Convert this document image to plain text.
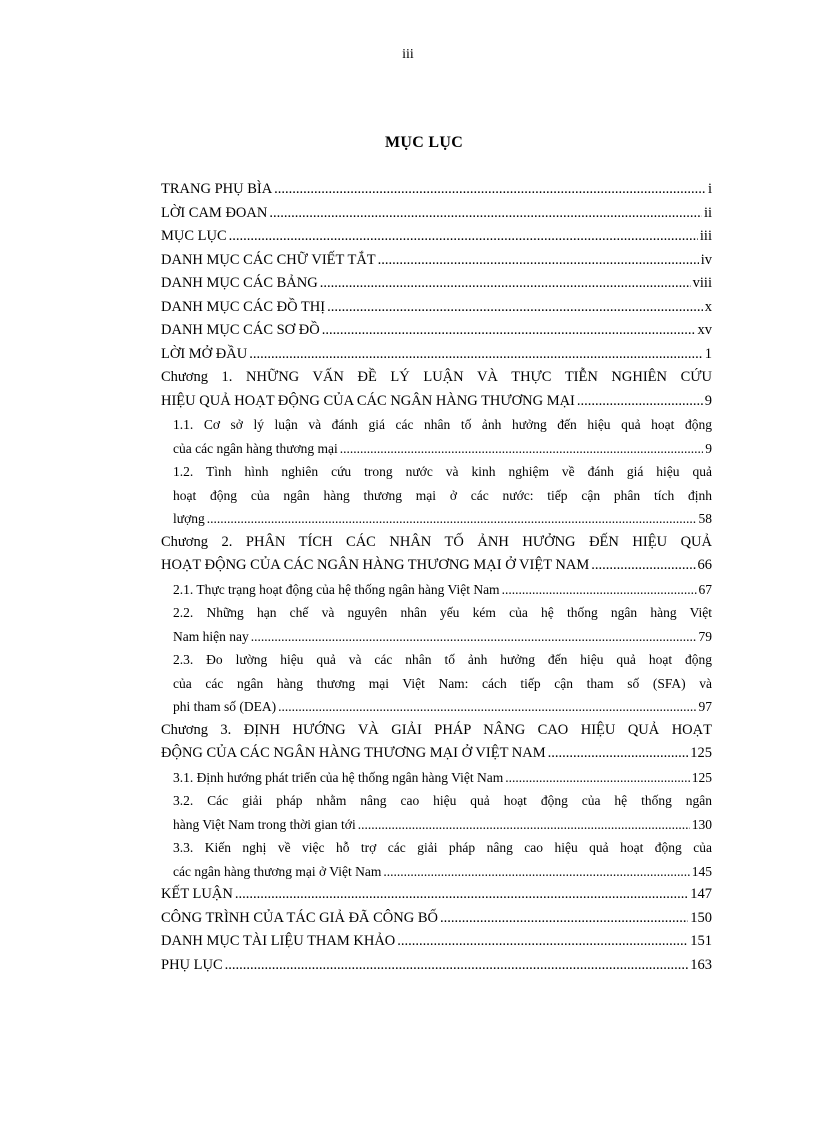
iii
MỤC LỤC
TRANG PHỤ BÌA .....	i
LỜI CAM ĐOAN .....	ii
MỤC LỤC .....	iii
DANH MỤC CÁC CHỮ VIẾT TẮT .....	iv
DANH MỤC CÁC BẢNG .....	viii
DANH MỤC CÁC ĐỒ THỊ .....	x
DANH MỤC CÁC SƠ ĐỒ .....	xv
LỜI MỞ ĐẦU .....	1
Chương 1. NHỮNG VẤN ĐỀ LÝ LUẬN VÀ THỰC TIỄN NGHIÊN CỨU
HIỆU QUẢ HOẠT ĐỘNG CỦA CÁC NGÂN HÀNG THƯƠNG MẠI .....	9
1.1. Cơ sở lý luận và đánh giá các nhân tố ảnh hưởng đến hiệu quả hoạt động
của các ngân hàng thương mại .....	9
1.2. Tình hình nghiên cứu trong nước và kinh nghiệm về đánh giá hiệu quả
hoạt động của ngân hàng thương mại ở các nước: tiếp cận phân tích định
lượng .....	58
Chương 2. PHÂN TÍCH CÁC NHÂN TỐ ẢNH HƯỞNG ĐẾN HIỆU QUẢ
HOẠT ĐỘNG CỦA CÁC NGÂN HÀNG THƯƠNG MẠI Ở VIỆT NAM .....	66
2.1. Thực trạng hoạt động của hệ thống ngân hàng Việt Nam .....	67
2.2. Những hạn chế và nguyên nhân yếu kém của hệ thống ngân hàng Việt
Nam hiện nay .....	79
2.3. Đo lường hiệu quả và các nhân tố ảnh hưởng đến hiệu quả hoạt động
của các ngân hàng thương mại Việt Nam: cách tiếp cận tham số (SFA) và
phi tham số (DEA) .....	97
Chương 3. ĐỊNH HƯỚNG VÀ GIẢI PHÁP NÂNG CAO HIỆU QUẢ HOẠT
ĐỘNG CỦA CÁC NGÂN HÀNG THƯƠNG MẠI Ở VIỆT NAM .....	125
3.1. Định hướng phát triển của hệ thống ngân hàng Việt Nam .....	125
3.2. Các giải pháp nhằm nâng cao hiệu quả hoạt động của hệ thống ngân
hàng Việt Nam trong thời gian tới .....	130
3.3. Kiến nghị về việc hỗ trợ các giải pháp nâng cao hiệu quả hoạt động của
các ngân hàng thương mại ở Việt Nam .....	145
KẾT LUẬN .....	147
CÔNG TRÌNH CỦA TÁC GIẢ ĐÃ CÔNG BỐ .....	150
DANH MỤC TÀI LIỆU THAM KHẢO .....	151
PHỤ LỤC .....	163
